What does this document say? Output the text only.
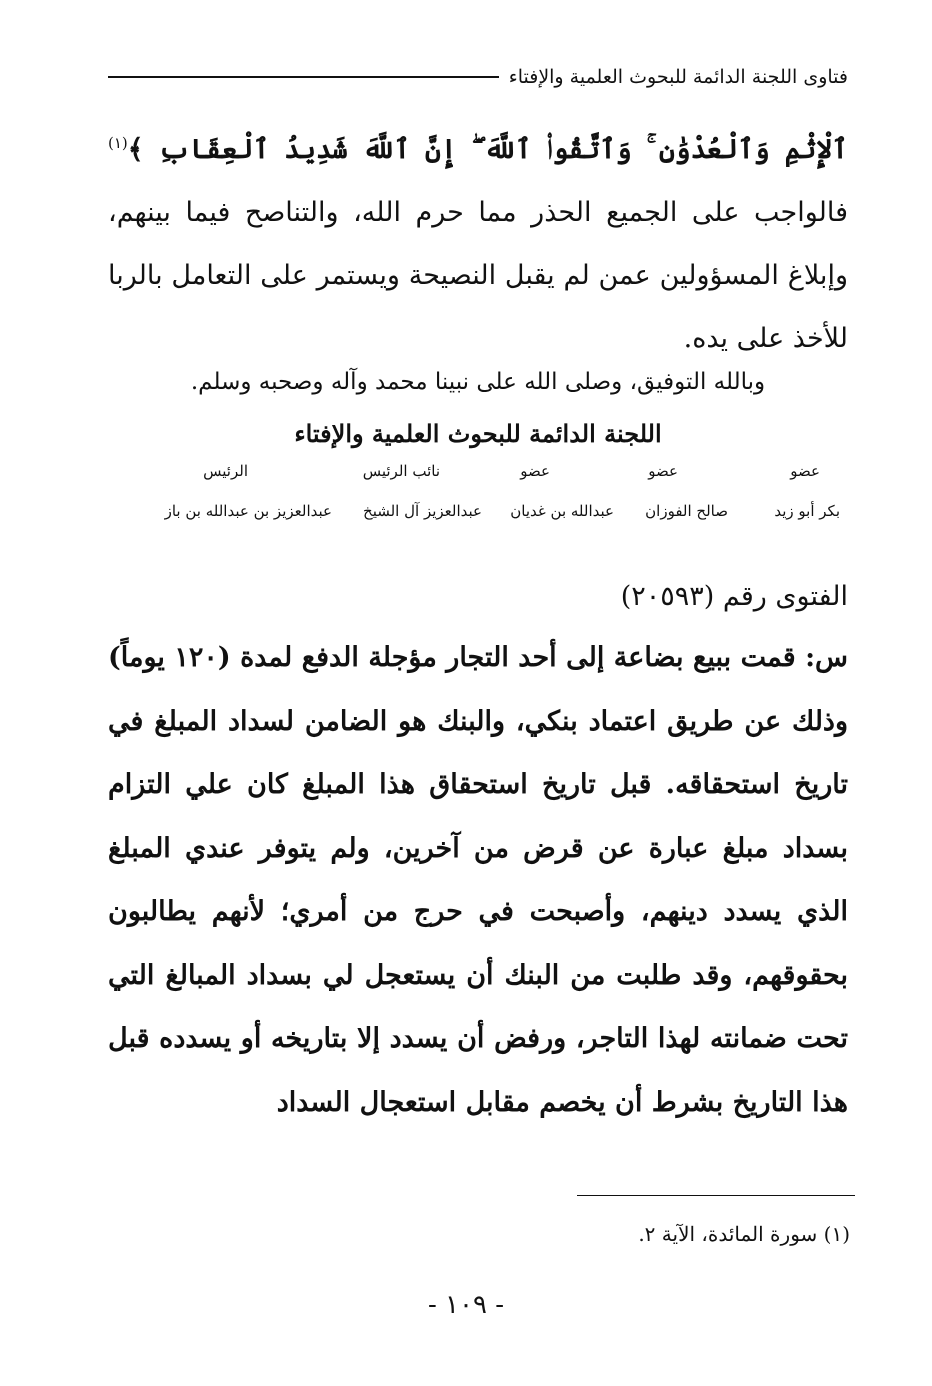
فتاوى اللجنة الدائمة للبحوث العلمية والإفتاء
ٱلْإِثْمِ وَٱلْعُدْوَٰنِ ۚ وَٱتَّقُوا۟ ٱللَّهَ ۖ إِنَّ ٱللَّهَ شَدِيدُ ٱلْعِقَابِ ﴾$^{(١)}$ فالواجب على الجميع الحذر مما حرم الله، والتناصح فيما بينهم، وإبلاغ المسؤولين عمن لم يقبل النصيحة ويستمر على التعامل بالربا للأخذ على يده.
وبالله التوفيق، وصلى الله على نبينا محمد وآله وصحبه وسلم.
اللجنة الدائمة للبحوث العلمية والإفتاء
عضو
عضو
عضو
نائب الرئيس
الرئيس
بكر أبو زيد
صالح الفوزان
عبدالله بن غديان
عبدالعزيز آل الشيخ
عبدالعزيز بن عبدالله بن باز
الفتوى رقم (٢٠٥٩٣)
س: قمت ببيع بضاعة إلى أحد التجار مؤجلة الدفع لمدة (١٢٠ يوماً) وذلك عن طريق اعتماد بنكي، والبنك هو الضامن لسداد المبلغ في تاريخ استحقاقه. قبل تاريخ استحقاق هذا المبلغ كان علي التزام بسداد مبلغ عبارة عن قرض من آخرين، ولم يتوفر عندي المبلغ الذي يسدد دينهم، وأصبحت في حرج من أمري؛ لأنهم يطالبون بحقوقهم، وقد طلبت من البنك أن يستعجل لي بسداد المبالغ التي تحت ضمانته لهذا التاجر، ورفض أن يسدد إلا بتاريخه أو يسدده قبل هذا التاريخ بشرط أن يخصم مقابل استعجال السداد
(١) سورة المائدة، الآية ٢.
- ١٠٩ -
